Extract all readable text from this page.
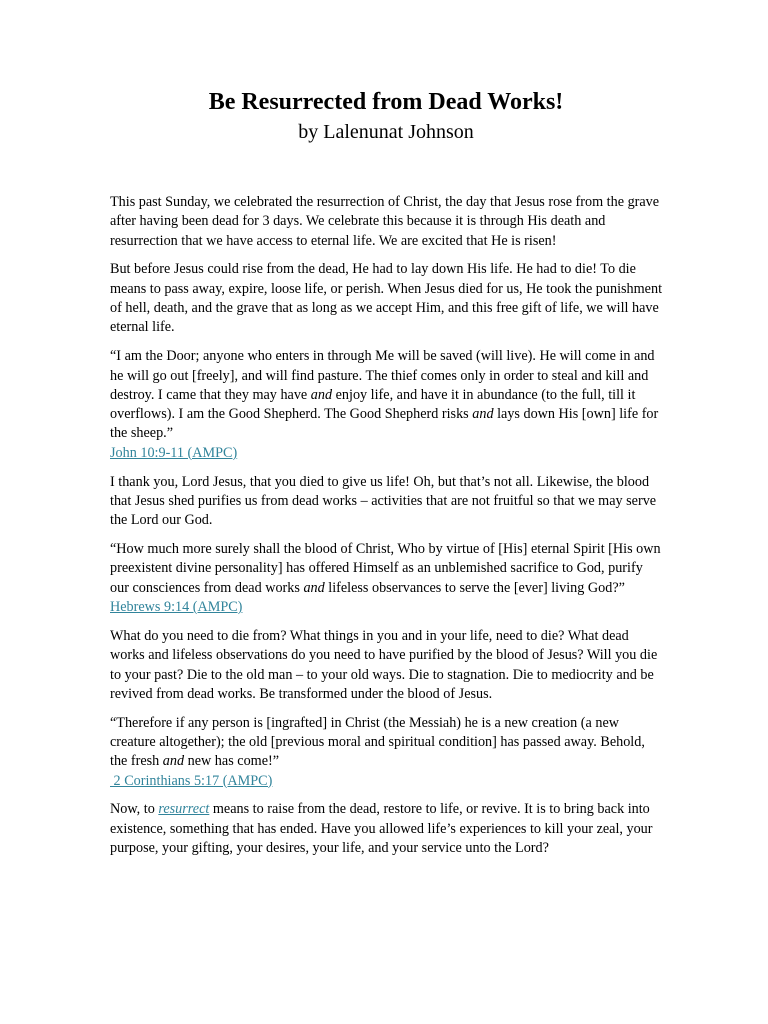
Be Resurrected from Dead Works!
by Lalenunat Johnson

This past Sunday, we celebrated the resurrection of Christ, the day that Jesus rose from the grave after having been dead for 3 days. We celebrate this because it is through His death and resurrection that we have access to eternal life. We are excited that He is risen!

But before Jesus could rise from the dead, He had to lay down His life. He had to die! To die means to pass away, expire, loose life, or perish. When Jesus died for us, He took the punishment of hell, death, and the grave that as long as we accept Him, and this free gift of life, we will have eternal life.

“I am the Door; anyone who enters in through Me will be saved (will live). He will come in and he will go out [freely], and will find pasture. The thief comes only in order to steal and kill and destroy. I came that they may have and enjoy life, and have it in abundance (to the full, till it overflows). I am the Good Shepherd. The Good Shepherd risks and lays down His [own] life for the sheep.”
John 10:9-11 (AMPC)

I thank you, Lord Jesus, that you died to give us life! Oh, but that’s not all. Likewise, the blood that Jesus shed purifies us from dead works – activities that are not fruitful so that we may serve the Lord our God.

“How much more surely shall the blood of Christ, Who by virtue of [His] eternal Spirit [His own preexistent divine personality] has offered Himself as an unblemished sacrifice to God, purify our consciences from dead works and lifeless observances to serve the [ever] living God?”
Hebrews 9:14 (AMPC)

What do you need to die from? What things in you and in your life, need to die? What dead works and lifeless observations do you need to have purified by the blood of Jesus? Will you die to your past? Die to the old man – to your old ways. Die to stagnation. Die to mediocrity and be revived from dead works. Be transformed under the blood of Jesus.

“Therefore if any person is [ingrafted] in Christ (the Messiah) he is a new creation (a new creature altogether); the old [previous moral and spiritual condition] has passed away. Behold, the fresh and new has come!”
2 Corinthians 5:17 (AMPC)

Now, to resurrect means to raise from the dead, restore to life, or revive. It is to bring back into existence, something that has ended. Have you allowed life’s experiences to kill your zeal, your purpose, your gifting, your desires, your life, and your service unto the Lord?
